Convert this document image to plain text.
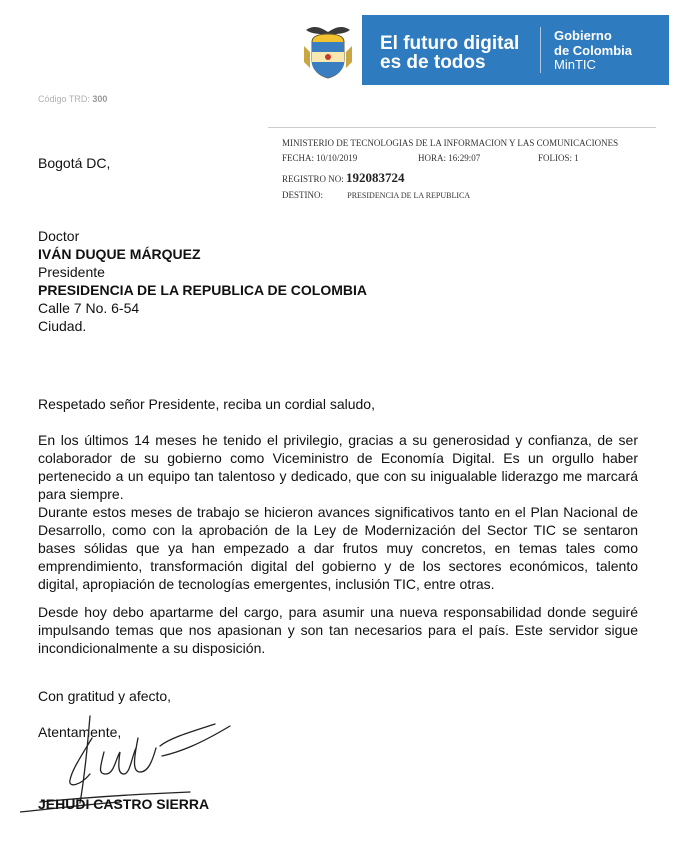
El futuro digital
es de todos
Gobierno
de Colombia
MinTIC
Código TRD: 300
MINISTERIO DE TECNOLOGIAS DE LA INFORMACION Y LAS COMUNICACIONES
FECHA: 10/10/2019	HORA: 16:29:07	FOLIOS: 1
REGISTRO NO: 192083724
DESTINO:	PRESIDENCIA DE LA REPUBLICA
Bogotá DC,
Doctor
IVÁN DUQUE MÁRQUEZ
Presidente
PRESIDENCIA DE LA REPUBLICA DE COLOMBIA
Calle 7 No. 6-54
Ciudad.
Respetado señor Presidente, reciba un cordial saludo,
En los últimos 14 meses he tenido el privilegio, gracias a su generosidad y confianza, de ser colaborador de su gobierno como Viceministro de Economía Digital. Es un orgullo haber pertenecido a un equipo tan talentoso y dedicado, que con su inigualable liderazgo me marcará para siempre.
Durante estos meses de trabajo se hicieron avances significativos tanto en el Plan Nacional de Desarrollo, como con la aprobación de la Ley de Modernización del Sector TIC se sentaron bases sólidas que ya han empezado a dar frutos muy concretos, en temas tales como emprendimiento, transformación digital del gobierno y de los sectores económicos, talento digital, apropiación de tecnologías emergentes, inclusión TIC, entre otras.
Desde hoy debo apartarme del cargo, para asumir una nueva responsabilidad donde seguiré impulsando temas que nos apasionan y son tan necesarios para el país. Este servidor sigue incondicionalmente a su disposición.
Con gratitud y afecto,
Atentamente,
JEHUDI CASTRO SIERRA
